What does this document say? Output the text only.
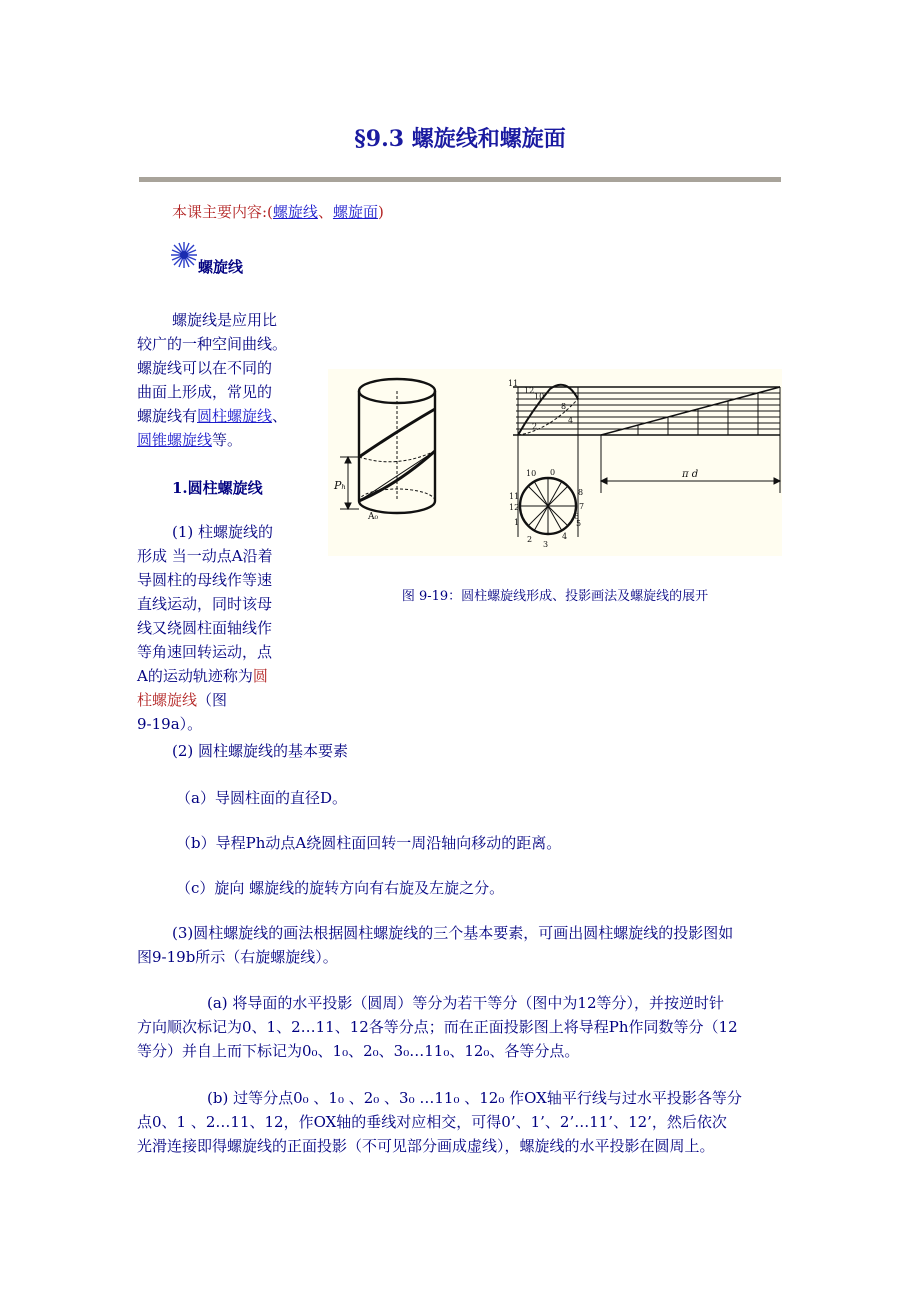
§9.3 螺旋线和螺旋面
本课主要内容:(螺旋线、螺旋面)
螺旋线
螺旋线是应用比
较广的一种空间曲线。
螺旋线可以在不同的
曲面上形成，常见的
螺旋线有圆柱螺旋线、
圆锥螺旋线等。
1.圆柱螺旋线
(1) 柱螺旋线的
形成 当一动点A沿着
导圆柱的母线作等速
直线运动，同时该母
线又绕圆柱面轴线作
等角速回转运动，点
A的运动轨迹称为圆
柱螺旋线（图
9-19a）。
Pₕ
A₀
π d
11
12
10
8
4
2
10 0
11
12
8
7
1
2
3
4
5
6
图 9-19：圆柱螺旋线形成、投影画法及螺旋线的展开
(2) 圆柱螺旋线的基本要素
（a）导圆柱面的直径D。
（b）导程Ph动点A绕圆柱面回转一周沿轴向移动的距离。
（c）旋向 螺旋线的旋转方向有右旋及左旋之分。
(3)圆柱螺旋线的画法根据圆柱螺旋线的三个基本要素，可画出圆柱螺旋线的投影图如
图9-19b所示（右旋螺旋线）。
(a) 将导面的水平投影（圆周）等分为若干等分（图中为12等分），并按逆时针
方向顺次标记为0、1、2…11、12各等分点；而在正面投影图上将导程Ph作同数等分（12
等分）并自上而下标记为0₀、1₀、2₀、3₀…11₀、12₀、各等分点。
(b) 过等分点0₀ 、1₀ 、2₀ 、3₀ …11₀ 、12₀ 作OX轴平行线与过水平投影各等分
点0、1 、2…11、12，作OX轴的垂线对应相交，可得0’、1’、2’…11’、12’，然后依次
光滑连接即得螺旋线的正面投影（不可见部分画成虚线），螺旋线的水平投影在圆周上。
